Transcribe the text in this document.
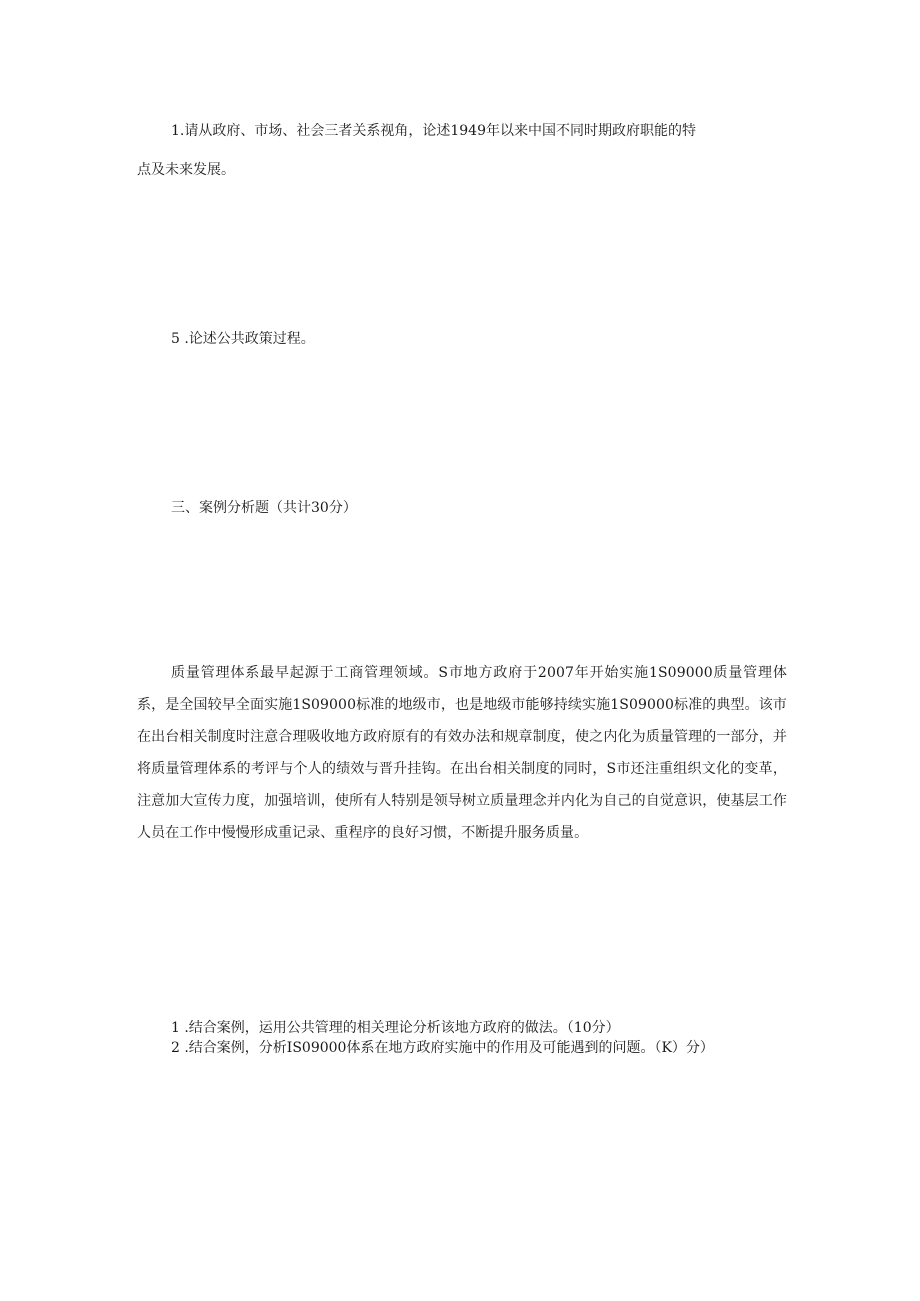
1.请从政府、市场、社会三者关系视角，论述1949年以来中国不同时期政府职能的特
点及未来发展。
5 .论述公共政策过程。
三、案例分析题（共计30分）
质量管理体系最早起源于工商管理领域。S市地方政府于2007年开始实施1S09000质量管理体系，是全国较早全面实施1S09000标准的地级市，也是地级市能够持续实施1S09000标准的典型。该市在出台相关制度时注意合理吸收地方政府原有的有效办法和规章制度，使之内化为质量管理的一部分，并将质量管理体系的考评与个人的绩效与晋升挂钩。在出台相关制度的同时，S市还注重组织文化的变革，注意加大宣传力度，加强培训，使所有人特别是领导树立质量理念并内化为自己的自觉意识，使基层工作人员在工作中慢慢形成重记录、重程序的良好习惯，不断提升服务质量。
1 .结合案例，运用公共管理的相关理论分析该地方政府的做法。（10分）
2 .结合案例，分析IS09000体系在地方政府实施中的作用及可能遇到的问题。（K）分）
